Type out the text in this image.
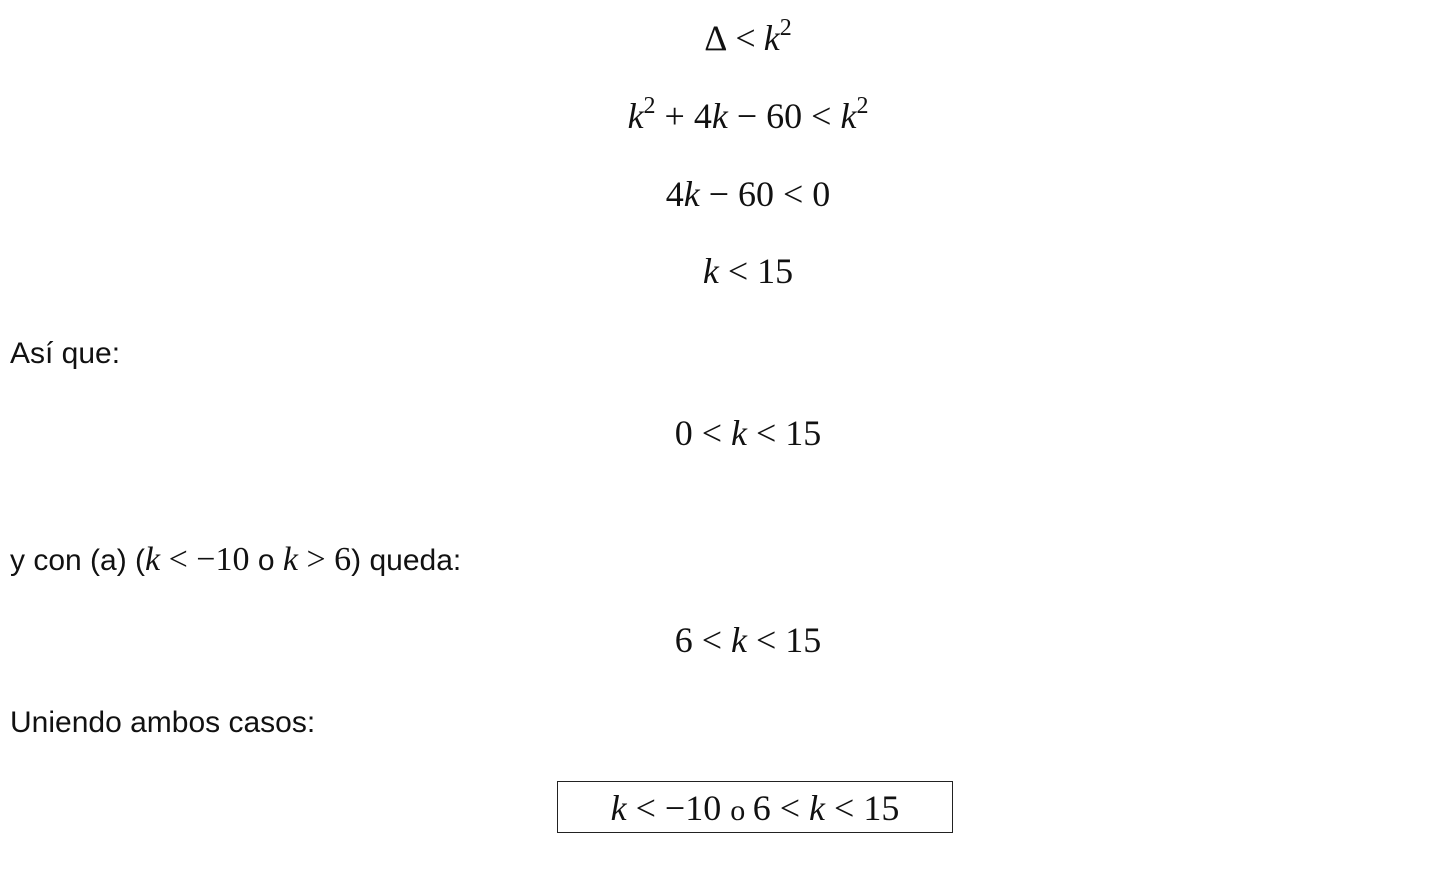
$\Delta < k^2$
$k^2 + 4k - 60 < k^2$
4k − 60 < 0
k < 15
Así que:
0 < k < 15
y con (a) (k < −10 o k > 6) queda:
6 < k < 15
Uniendo ambos casos:
k < −10 o 6 < k < 15
